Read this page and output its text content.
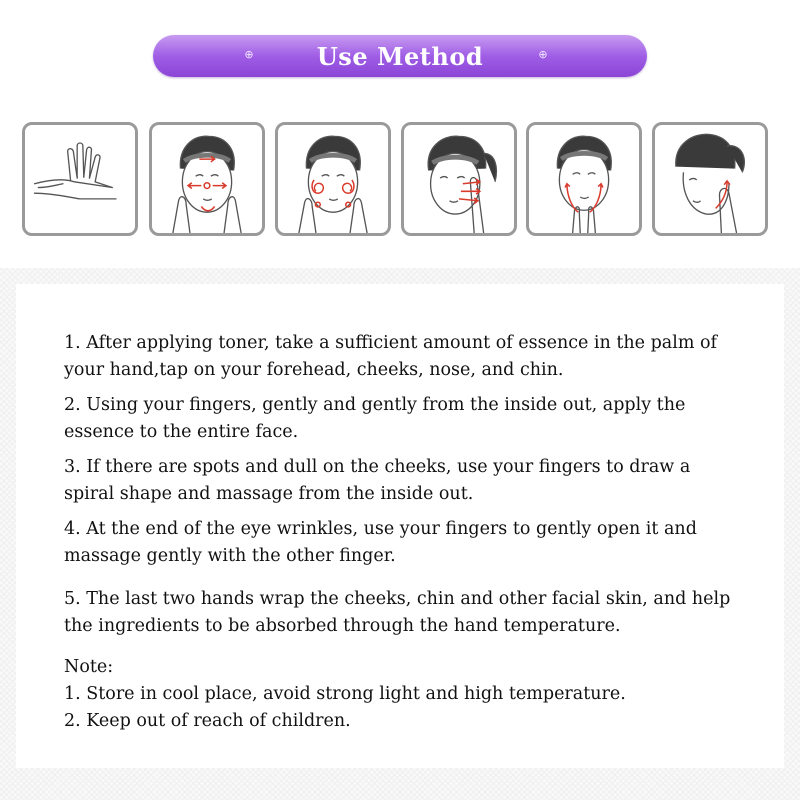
⊕	Use Method	⊕

1. After applying toner, take a sufficient amount of essence in the palm of your hand,tap on your forehead, cheeks, nose, and chin.

2. Using your fingers, gently and gently from the inside out, apply the essence to the entire face.

3. If there are spots and dull on the cheeks, use your fingers to draw a spiral shape and massage from the inside out.

4. At the end of the eye wrinkles, use your fingers to gently open it and massage gently with the other finger.

5. The last two hands wrap the cheeks, chin and other facial skin, and help the ingredients to be absorbed through the hand temperature.

Note:

1. Store in cool place, avoid strong light and high temperature.

2. Keep out of reach of children.
